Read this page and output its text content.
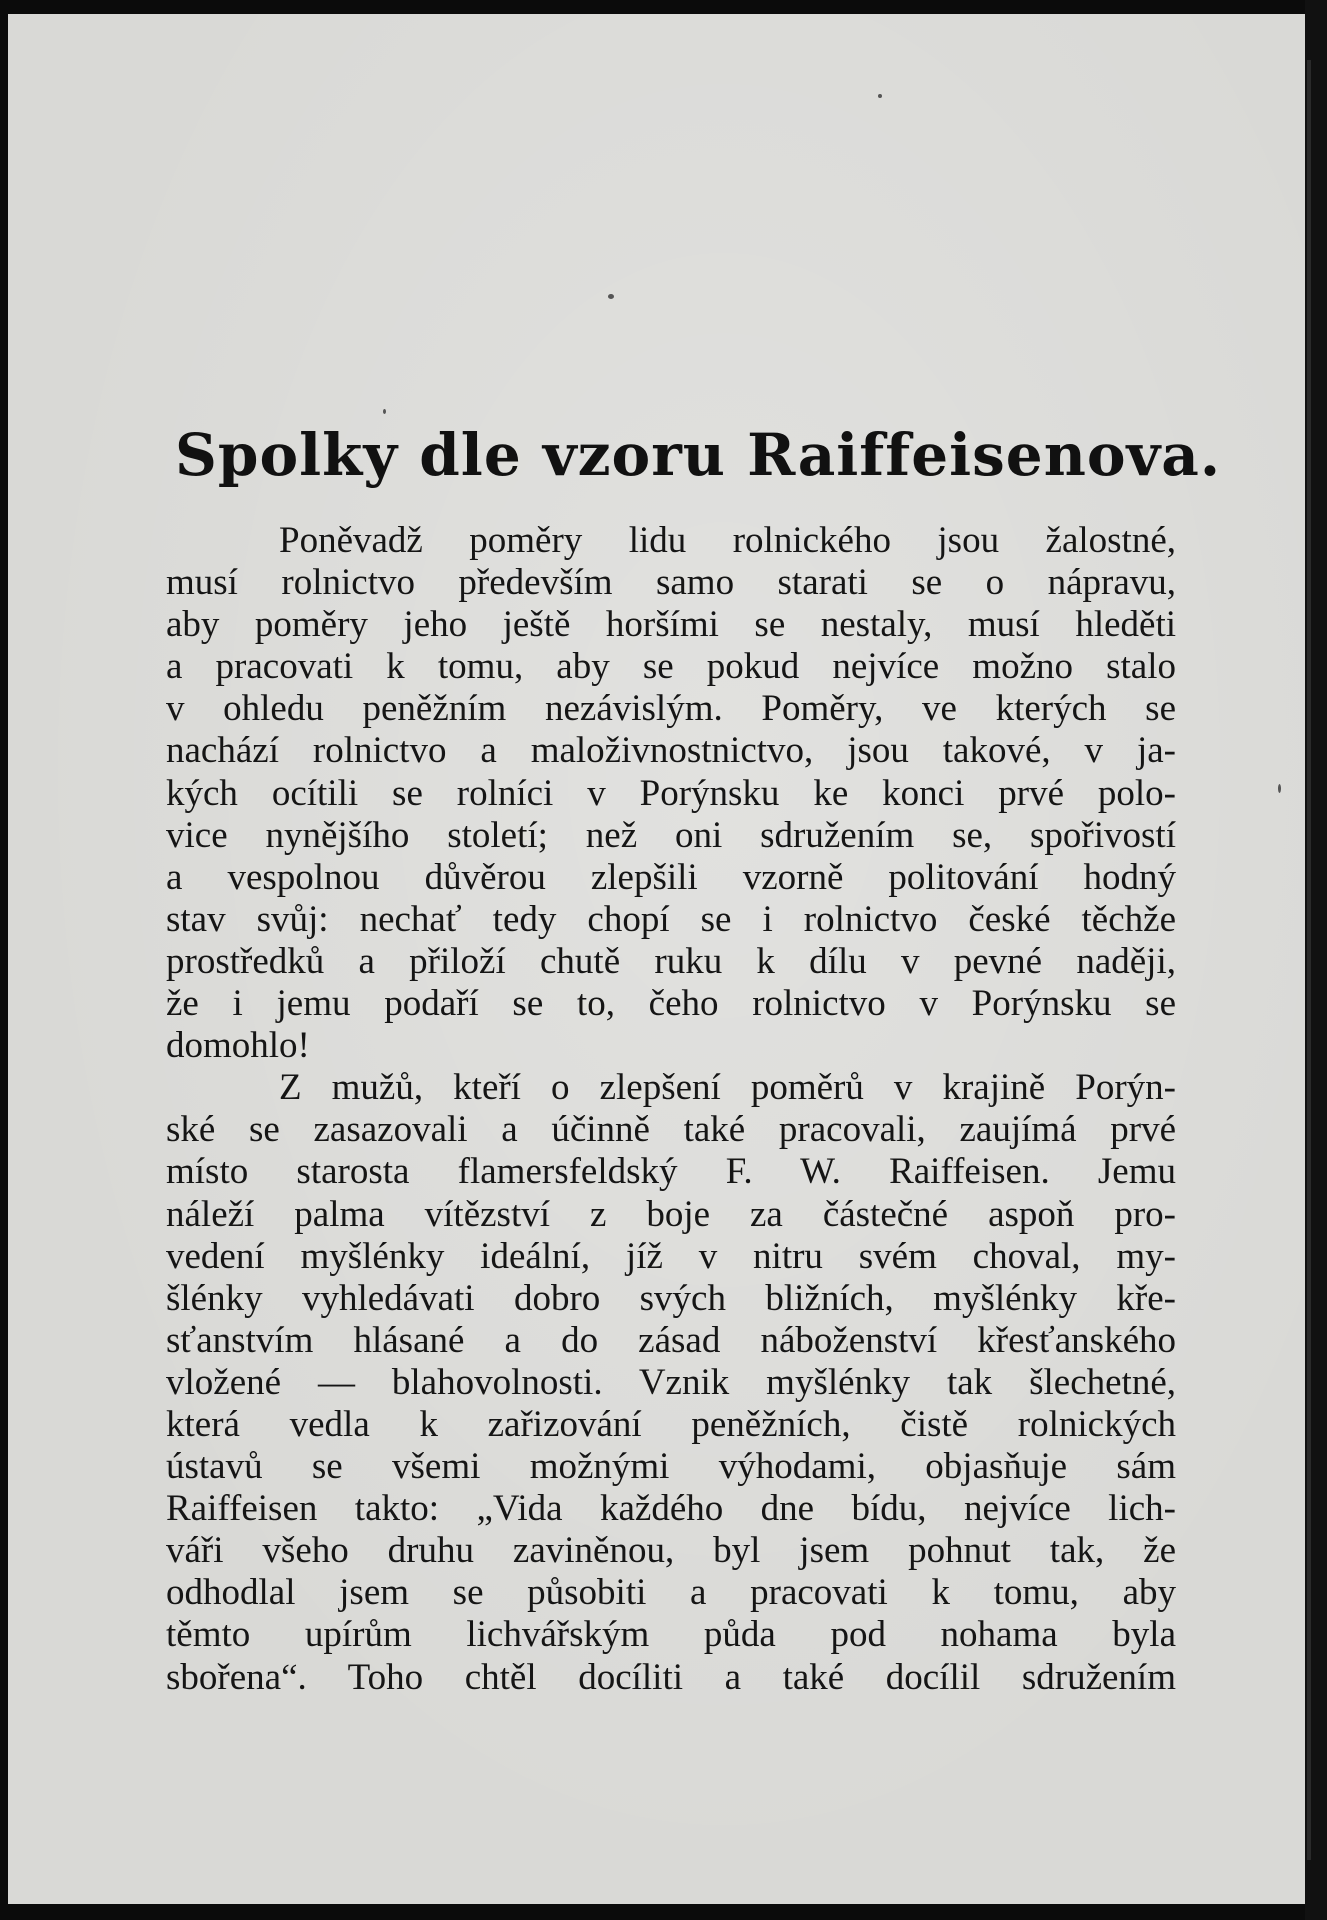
Spolky dle vzoru Raiffeisenova.
Poněvadž poměry lidu rolnického jsou žalostné,
musí rolnictvo především samo starati se o nápravu,
aby poměry jeho ještě horšími se nestaly, musí hleděti
a pracovati k tomu, aby se pokud nejvíce možno stalo
v ohledu peněžním nezávislým. Poměry, ve kterých se
nachází rolnictvo a maloživnostnictvo, jsou takové, v ja-
kých ocítili se rolníci v Porýnsku ke konci prvé polo-
vice nynějšího století; než oni sdružením se, spořivostí
a vespolnou důvěrou zlepšili vzorně politování hodný
stav svůj: nechať tedy chopí se i rolnictvo české těchže
prostředků a přiloží chutě ruku k dílu v pevné naději,
že i jemu podaří se to, čeho rolnictvo v Porýnsku se
domohlo!
Z mužů, kteří o zlepšení poměrů v krajině Porýn-
ské se zasazovali a účinně také pracovali, zaujímá prvé
místo starosta flamersfeldský F. W. Raiffeisen. Jemu
náleží palma vítězství z boje za částečné aspoň pro-
vedení myšlénky ideální, jíž v nitru svém choval, my-
šlénky vyhledávati dobro svých bližních, myšlénky kře-
sťanstvím hlásané a do zásad náboženství křesťanského
vložené — blahovolnosti. Vznik myšlénky tak šlechetné,
která vedla k zařizování peněžních, čistě rolnických
ústavů se všemi možnými výhodami, objasňuje sám
Raiffeisen takto: „Vida každého dne bídu, nejvíce lich-
váři všeho druhu zaviněnou, byl jsem pohnut tak, že
odhodlal jsem se působiti a pracovati k tomu, aby
těmto upírům lichvářským půda pod nohama byla
sbořena“. Toho chtěl docíliti a také docílil sdružením
